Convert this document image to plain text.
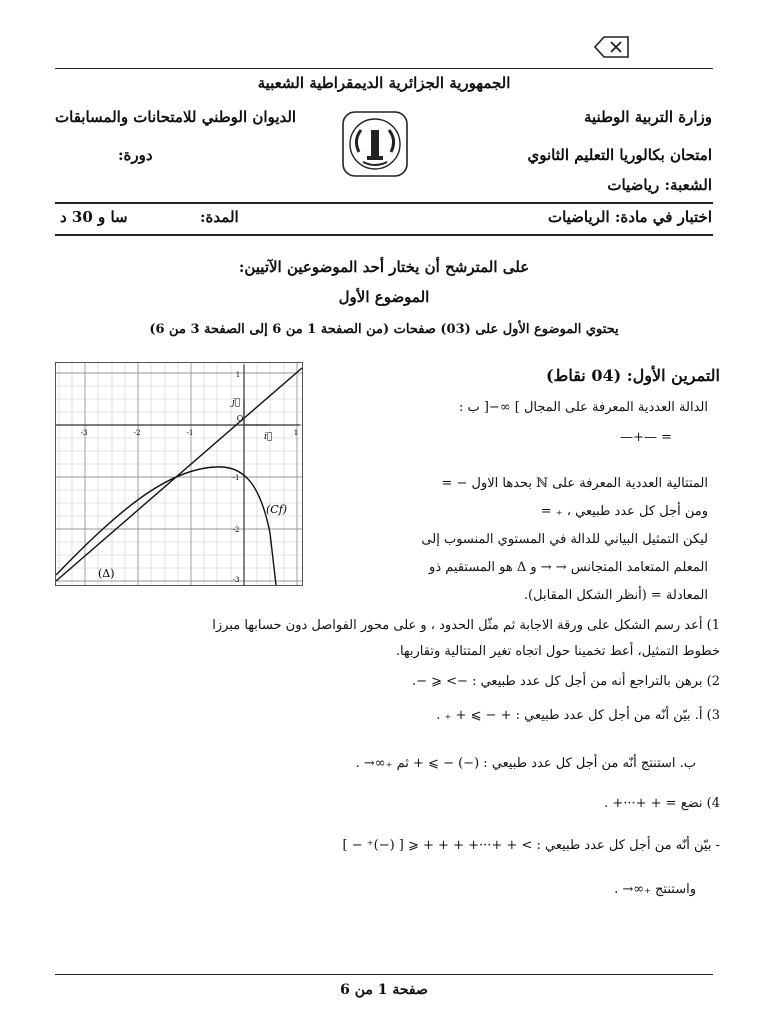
الجمهورية الجزائرية الديمقراطية الشعبية
وزارة التربية الوطنية
الديوان الوطني للامتحانات والمسابقات
امتحان بكالوريا التعليم الثانوي
دورة:
الشعبة: رياضيات
اختبار في مادة: الرياضيات
المدة:
سا و 30 د
على المترشح أن يختار أحد الموضوعين الآتيين:
الموضوع الأول
يحتوي الموضوع الأول على (03) صفحات (من الصفحة 1 من 6 إلى الصفحة 3 من 6)
-3	-2	-1
O
1
1
-1
-2
-3
i⃗
j⃗
(Cf)
(Δ)
التمرين الأول: (04 نقاط)
الدالة العددية المعرفة على المجال ] ∞−[ ب :
= —+—
المتتالية العددية المعرفة على ℕ بحدها الاول − =
ومن أجل كل عدد طبيعي ، ₊ =
ليكن التمثيل البياني للدالة في المستوي المنسوب إلى
المعلم المتعامد المتجانس → → و Δ هو المستقيم ذو
المعادلة = (أنظر الشكل المقابل).
1) أعد رسم الشكل على ورقة الاجابة ثم مثّل الحدود ، و على محور الفواصل دون حسابها مبرزا
خطوط التمثيل، أعط تخمينا حول اتجاه تغير المتتالية وتقاربها.
2) برهن بالتراجع أنه من أجل كل عدد طبيعي : −> ⩽ −.
3) أ. بيّن أنّه من أجل كل عدد طبيعي : + − ⩾ + ₊ .
ب. استنتج أنّه من أجل كل عدد طبيعي : (−) − ⩾ + ثم ₊∞→ .
4) نضع = + +···+ .
- بيّن أنّه من أجل كل عدد طبيعي : > + +···+ + + + ⩽ [ (−)⁺ − ]
واستنتج ₊∞→ .
صفحة 1 من 6
